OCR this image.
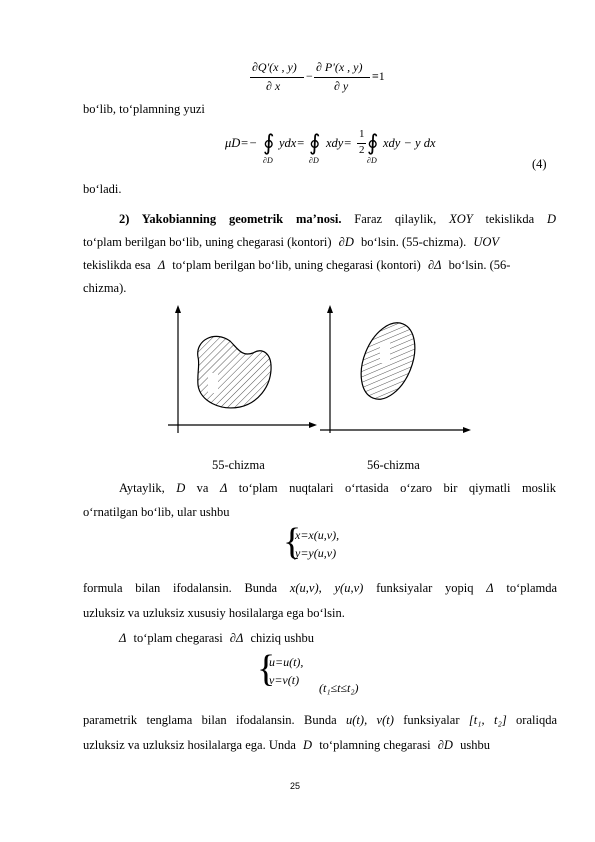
∂Q'(x , y)
∂ x
−
∂ P'(x , y)
∂ y
≡1
bo‘lib, to‘plamning yuzi
μD=− ∮
∂D
ydx= ∮
∂D
xdy=
1
2 ∮
∂D
xdy − y dx
(4)
bo‘ladi.
2) Yakobianning geometrik ma’nosi. Faraz qilaylik, XOY tekislikda D
to‘plam berilgan bo‘lib, uning chegarasi (kontori) ∂D bo‘lsin. (55-chizma). UOV
tekislikda esa Δ to‘plam berilgan bo‘lib, uning chegarasi (kontori) ∂Δ bo‘lsin. (56-
chizma).
55-chizma	56-chizma
Aytaylik, D va Δ to‘plam nuqtalari o‘rtasida o‘zaro bir qiymatli moslik
o‘rnatilgan bo‘lib, ular ushbu
{
x=x(u,v),
y=y(u,v)
formula bilan ifodalansin. Bunda x(u,v), y(u,v) funksiyalar yopiq Δ to‘plamda
uzluksiz va uzluksiz xususiy hosilalarga ega bo‘lsin.
Δ to‘plam chegarasi ∂Δ chiziq ushbu
{
u=u(t),
v=v(t)
(t₁≤t≤t₂)
parametrik tenglama bilan ifodalansin. Bunda u(t), v(t) funksiyalar [t₁, t₂] oraliqda
uzluksiz va uzluksiz hosilalarga ega. Unda D to‘plamning chegarasi ∂D ushbu
25
